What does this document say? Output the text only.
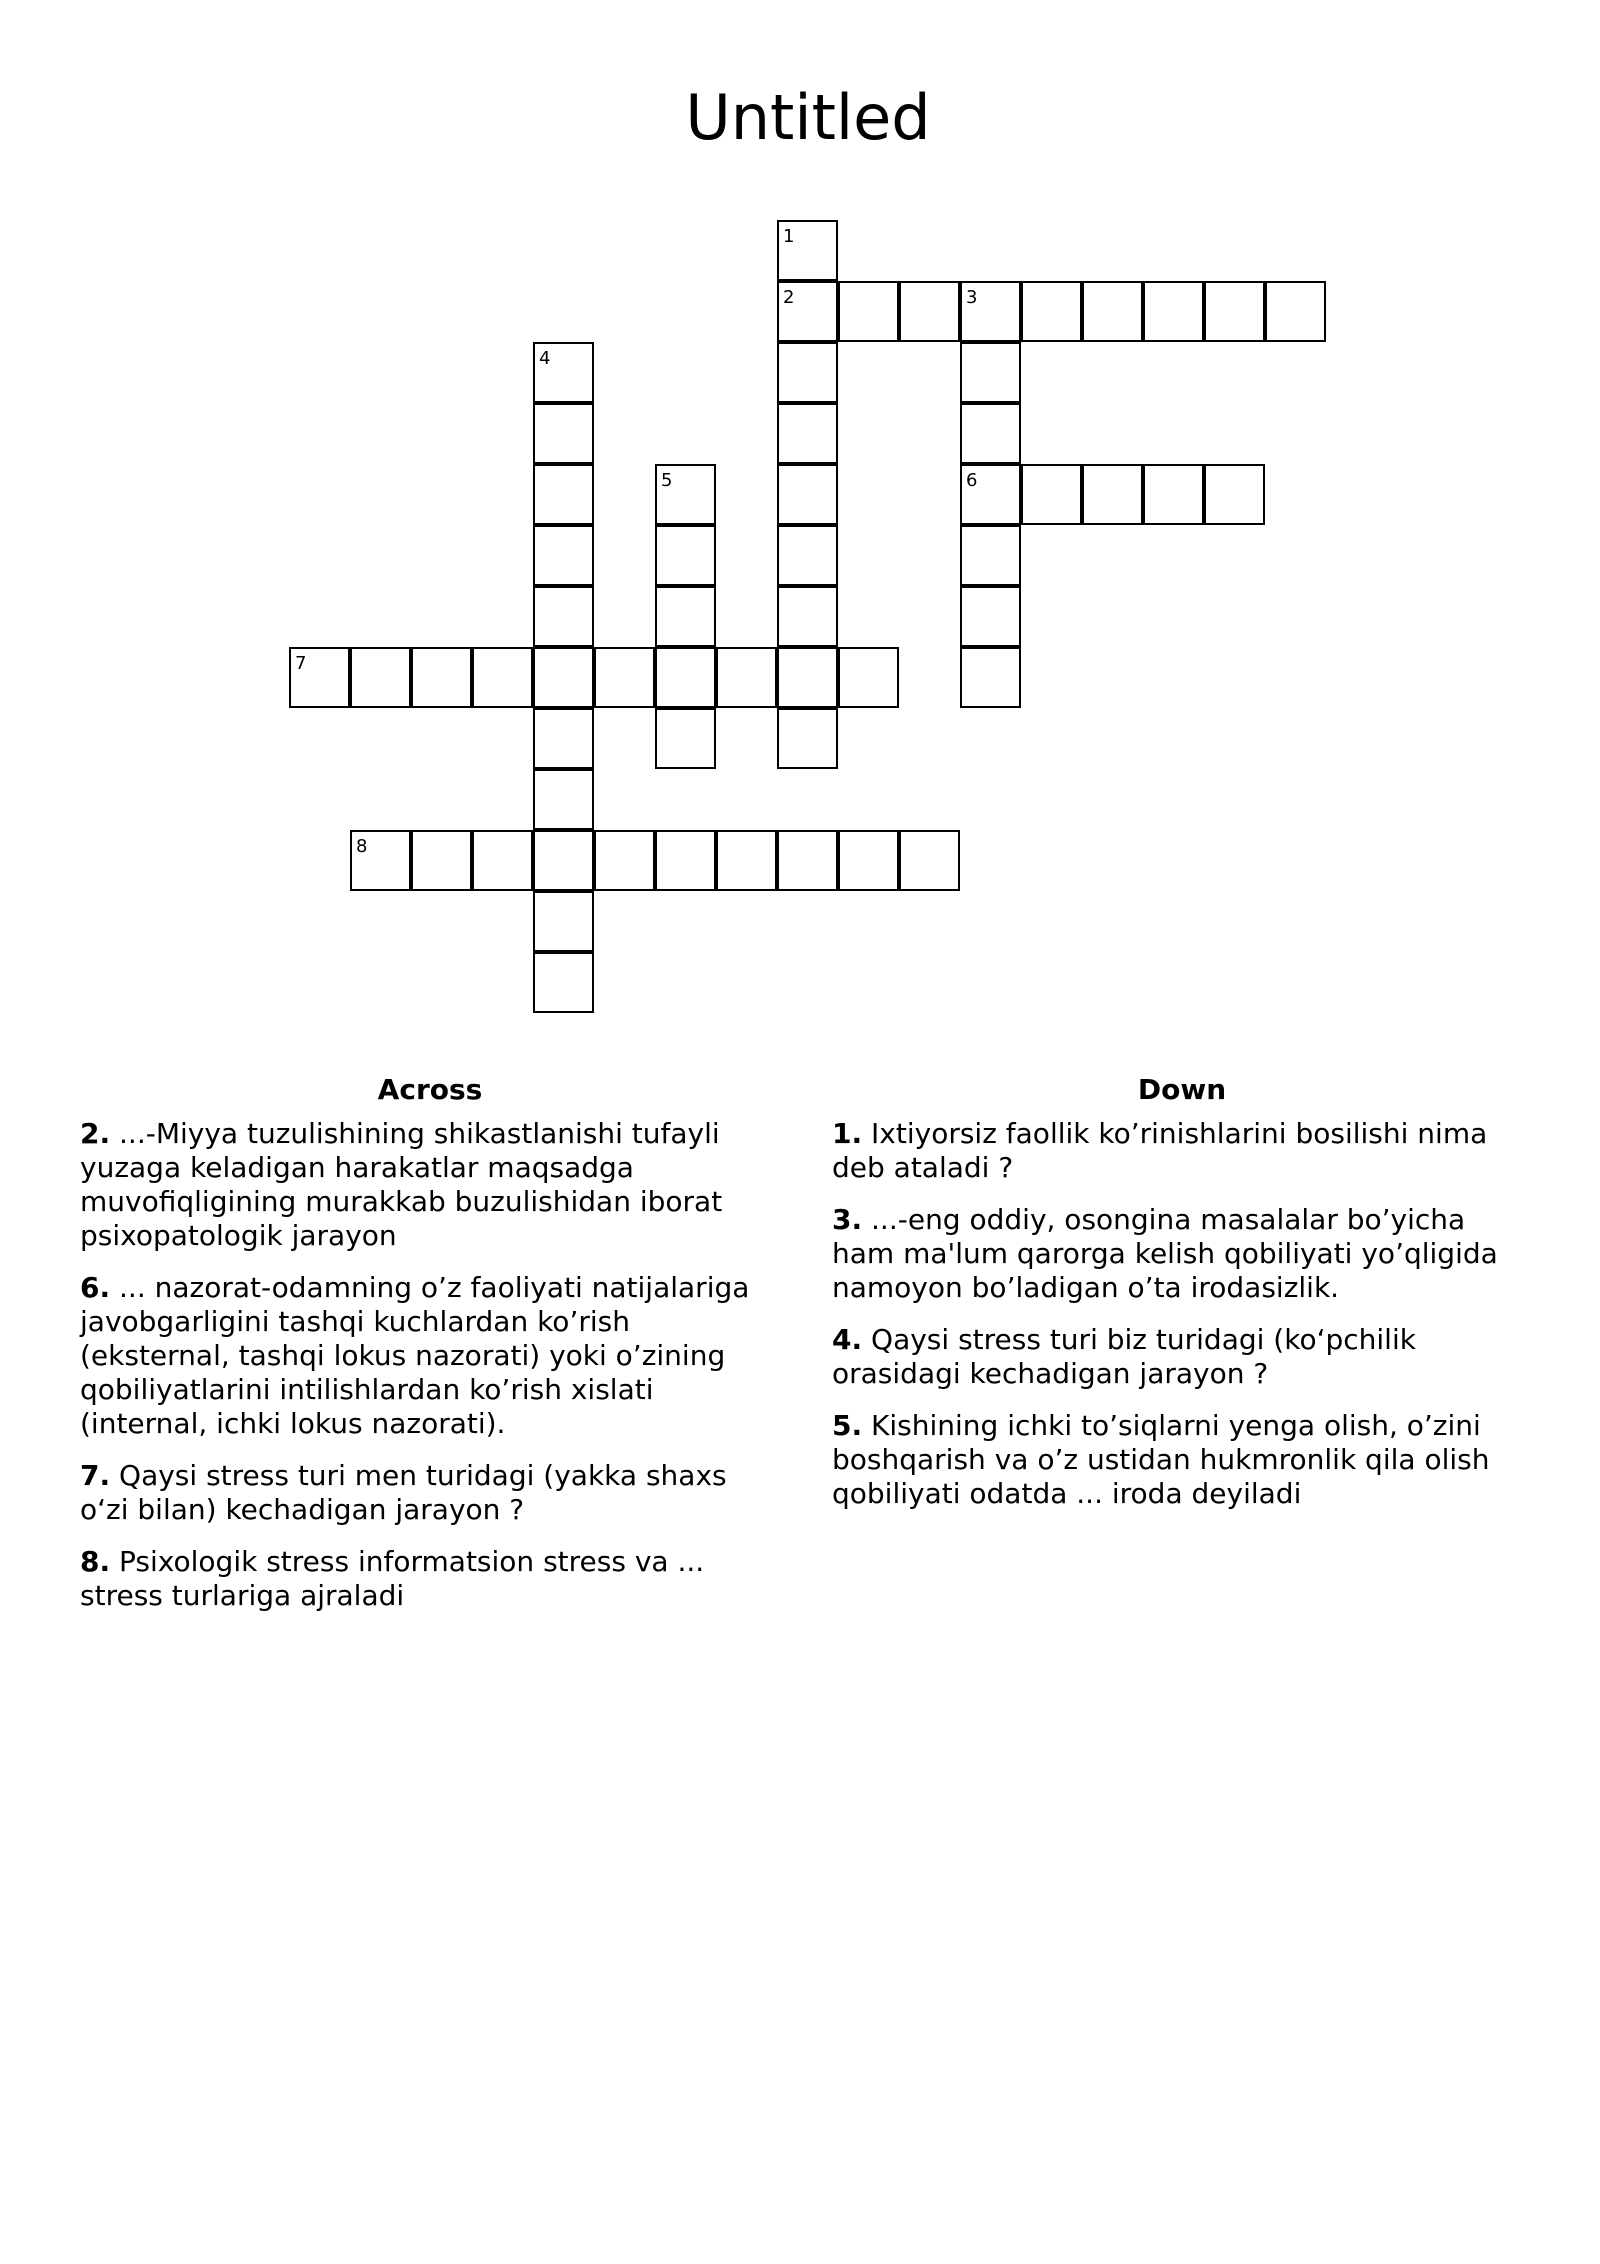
Untitled
1
2	3
4
5	6
7
8
Across
2. ...-Miyya tuzulishining shikastlanishi tufayli yuzaga keladigan harakatlar maqsadga muvofiqligining murakkab buzulishidan iborat psixopatologik jarayon
6. ... nazorat-odamning o’z faoliyati natijalariga javobgarligini tashqi kuchlardan ko’rish (eksternal, tashqi lokus nazorati) yoki o’zining qobiliyatlarini intilishlardan ko’rish xislati (internal, ichki lokus nazorati).
7. Qaysi stress turi men turidagi (yakka shaxs o‘zi bilan) kechadigan jarayon ?
8. Psixologik stress informatsion stress va ... stress turlariga ajraladi
Down
1. Ixtiyorsiz faollik ko’rinishlarini bosilishi nima deb ataladi ?
3. ...-eng oddiy, osongina masalalar bo’yicha ham ma'lum qarorga kelish qobiliyati yo’qligida namoyon bo’ladigan o’ta irodasizlik.
4. Qaysi stress turi biz turidagi (ko‘pchilik orasidagi kechadigan jarayon ?
5. Kishining ichki to’siqlarni yenga olish, o’zini boshqarish va o’z ustidan hukmronlik qila olish qobiliyati odatda ... iroda deyiladi
